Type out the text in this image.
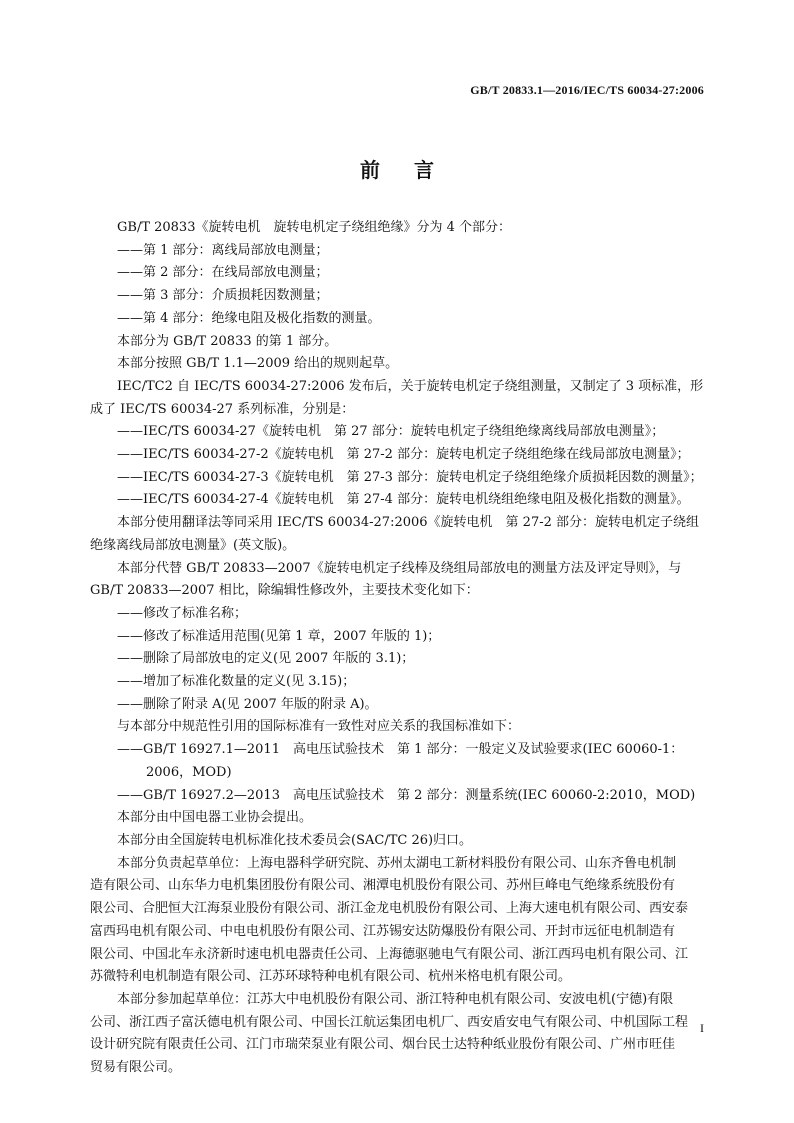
GB/T 20833.1—2016/IEC/TS 60034-27:2006
前言

GB/T 20833《旋转电机　旋转电机定子绕组绝缘》分为 4 个部分：

——第 1 部分：离线局部放电测量；

——第 2 部分：在线局部放电测量；

——第 3 部分：介质损耗因数测量；

——第 4 部分：绝缘电阻及极化指数的测量。

本部分为 GB/T 20833 的第 1 部分。

本部分按照 GB/T 1.1—2009 给出的规则起草。

IEC/TC2 自 IEC/TS 60034-27:2006 发布后，关于旋转电机定子绕组测量，又制定了 3 项标准，形

成了 IEC/TS 60034-27 系列标准，分别是：

——IEC/TS 60034-27《旋转电机　第 27 部分：旋转电机定子绕组绝缘离线局部放电测量》；

——IEC/TS 60034-27-2《旋转电机　第 27-2 部分：旋转电机定子绕组绝缘在线局部放电测量》；

——IEC/TS 60034-27-3《旋转电机　第 27-3 部分：旋转电机定子绕组绝缘介质损耗因数的测量》；

——IEC/TS 60034-27-4《旋转电机　第 27-4 部分：旋转电机绕组绝缘电阻及极化指数的测量》。

本部分使用翻译法等同采用 IEC/TS 60034-27:2006《旋转电机　第 27-2 部分：旋转电机定子绕组

绝缘离线局部放电测量》(英文版)。

本部分代替 GB/T 20833—2007《旋转电机定子线棒及绕组局部放电的测量方法及评定导则》，与

GB/T 20833—2007 相比，除编辑性修改外，主要技术变化如下：

——修改了标准名称；

——修改了标准适用范围(见第 1 章，2007 年版的 1)；

——删除了局部放电的定义(见 2007 年版的 3.1)；

——增加了标准化数量的定义(见 3.15)；

——删除了附录 A(见 2007 年版的附录 A)。

与本部分中规范性引用的国际标准有一致性对应关系的我国标准如下：

——GB/T 16927.1—2011　高电压试验技术　第 1 部分：一般定义及试验要求(IEC 60060-1：

2006，MOD)

——GB/T 16927.2—2013　高电压试验技术　第 2 部分：测量系统(IEC 60060-2:2010，MOD)

本部分由中国电器工业协会提出。

本部分由全国旋转电机标准化技术委员会(SAC/TC 26)归口。

本部分负责起草单位：上海电器科学研究院、苏州太湖电工新材料股份有限公司、山东齐鲁电机制

造有限公司、山东华力电机集团股份有限公司、湘潭电机股份有限公司、苏州巨峰电气绝缘系统股份有

限公司、合肥恒大江海泵业股份有限公司、浙江金龙电机股份有限公司、上海大速电机有限公司、西安泰

富西玛电机有限公司、中电电机股份有限公司、江苏锡安达防爆股份有限公司、开封市远征电机制造有

限公司、中国北车永济新时速电机电器责任公司、上海德驱驰电气有限公司、浙江西玛电机有限公司、江

苏微特利电机制造有限公司、江苏环球特种电机有限公司、杭州米格电机有限公司。

本部分参加起草单位：江苏大中电机股份有限公司、浙江特种电机有限公司、安波电机(宁德)有限

公司、浙江西子富沃德电机有限公司、中国长江航运集团电机厂、西安盾安电气有限公司、中机国际工程

设计研究院有限责任公司、江门市瑞荣泵业有限公司、烟台民士达特种纸业股份有限公司、广州市旺佳

贸易有限公司。

I
